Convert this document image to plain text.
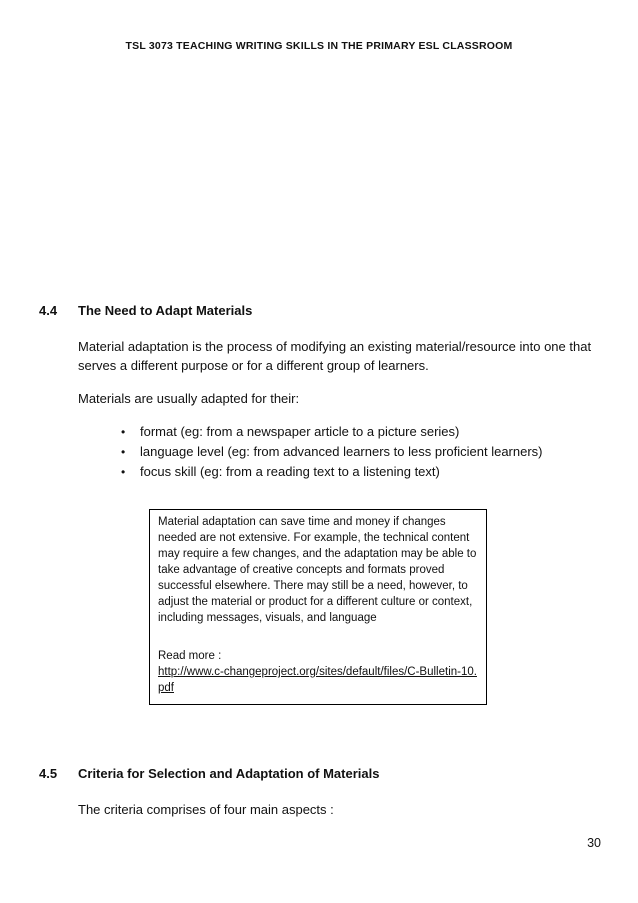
TSL 3073 TEACHING WRITING SKILLS IN THE PRIMARY ESL CLASSROOM
4.4 The Need to Adapt Materials
Material adaptation is the process of modifying an existing material/resource into one that serves a different purpose or for a different group of learners.
Materials are usually adapted for their:
• format (eg: from a newspaper article to a picture series)
• language level (eg: from advanced learners to less proficient learners)
• focus skill (eg: from a reading text to a listening text)

Material adaptation can save time and money if changes needed are not extensive. For example, the technical content may require a few changes, and the adaptation may be able to take advantage of creative concepts and formats proved successful elsewhere. There may still be a need, however, to adjust the material or product for a different culture or context, including messages, visuals, and language

Read more :

http://www.c-changeproject.org/sites/default/files/C-Bulletin-10.pdf

4.5 Criteria for Selection and Adaptation of Materials
The criteria comprises of four main aspects :
30
